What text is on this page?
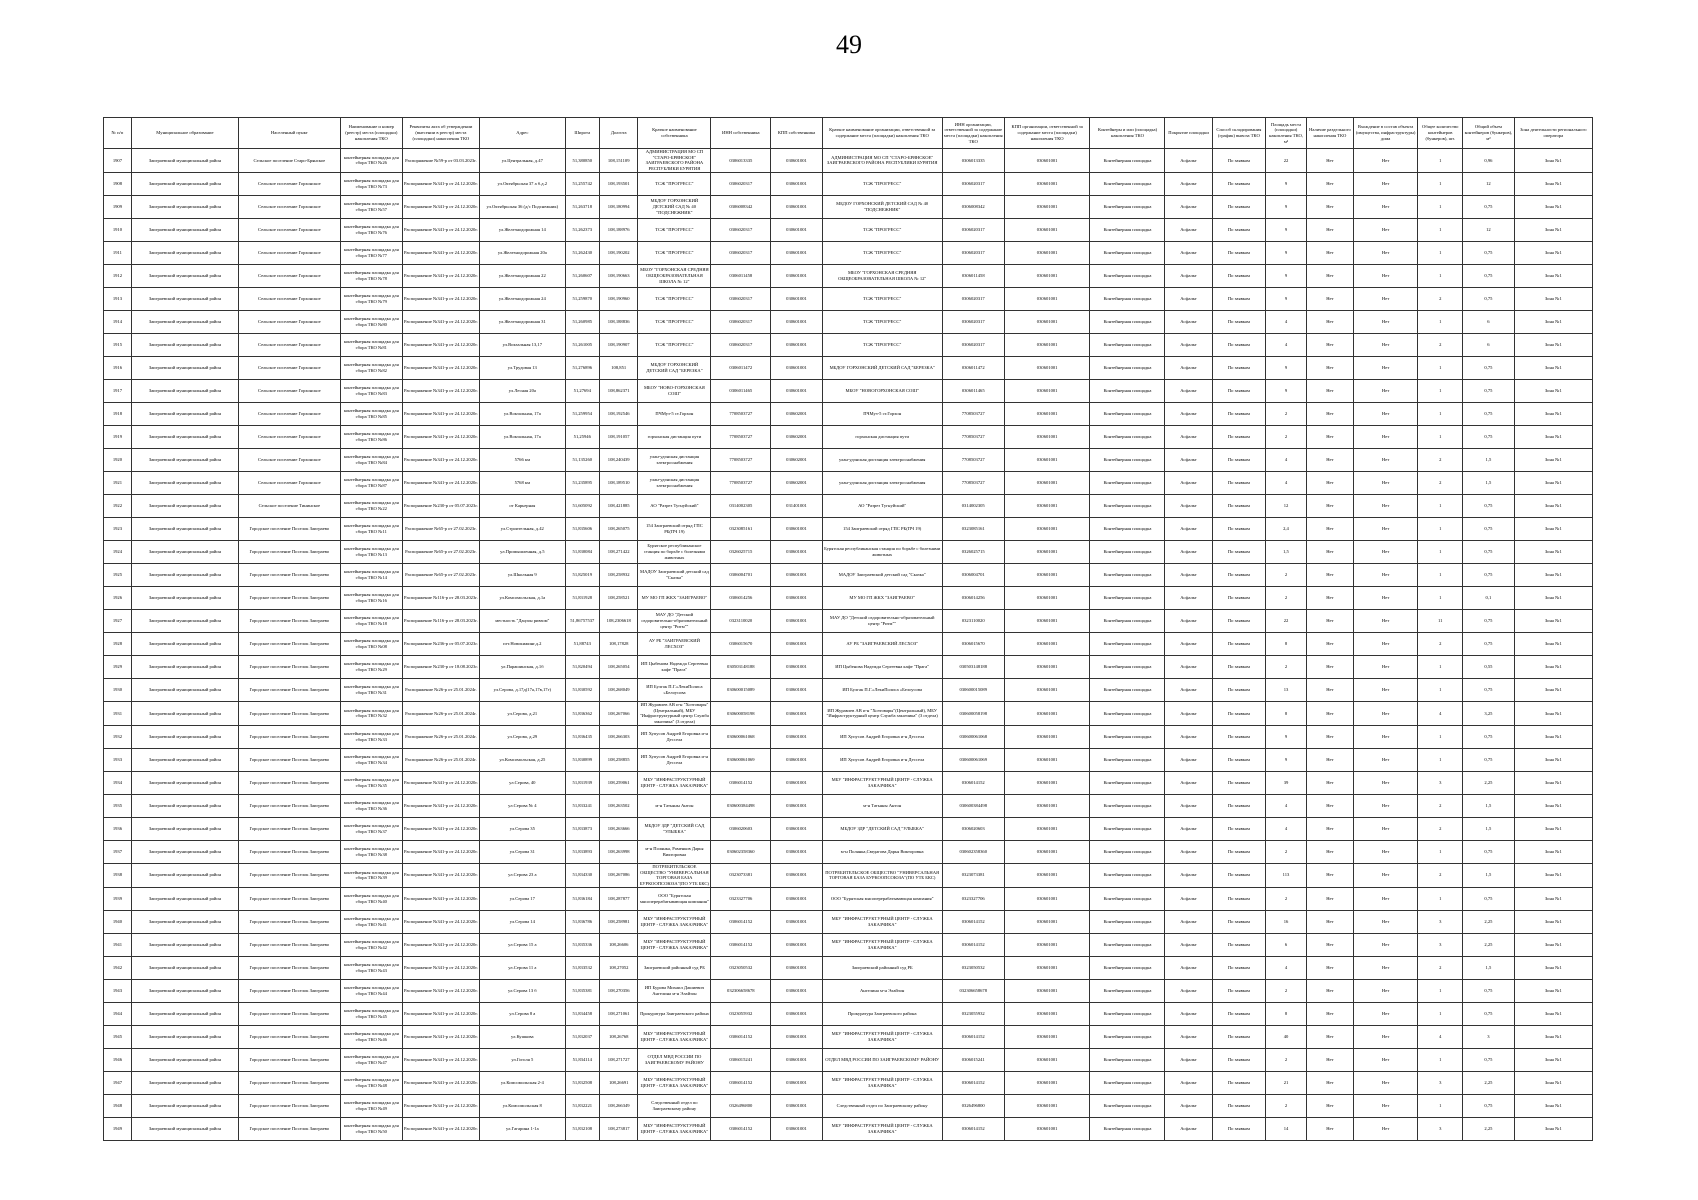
49
№ п/п	Муниципальное образование	Населенный пункт	Наименование и номер (реестр) места (площадки) накопления ТКО	Реквизиты акта об утверждении (внесении в реестр) места (площадки) накопления ТКО	Адрес	Широта	Долгота	Краткое наименование собственника	ИНН собственника	КПП собственника	Краткое наименование организации, ответственной за содержание места (площадки) накопления ТКО	ИНН организации, ответственной за содержание места (площадки) накопления ТКО	КПП организации, ответственной за содержание места (площадки) накопления ТКО	Контейнеры и или (площадка) накопления ТКО	Покрытие площадки	Способ складирования (график) вывоза ТКО	Площадь места (площадки) накопления ТКО, м²	Наличие раздельного накопления ТКО	Вхождение в состав объекта (имущества, инфраструктуры) дома	Общее количество контейнеров (бункеров), шт.	Общий объем контейнеров (бункеров), м³	Зона деятельности регионального оператора
1907	Заиграевский муниципальный район	Сельское поселение Старо-Брянское	контейнерная площадка для сбора ТКО №26	Распоряжение №59-р от 03.03.2023г.	ул.Центральная, д.47	51,380850	108,151109	АДМИНИСТРАЦИЯ МО СП "СТАРО-БРЯНСКОЕ" ЗАИГРАЕВСКОГО РАЙОНА РЕСПУБЛИКИ БУРЯТИЯ	0306013335	030601001	АДМИНИСТРАЦИЯ МО СП "СТАРО-БРЯНСКОЕ" ЗАИГРАЕВСКОГО РАЙОНА РЕСПУБЛИКИ БУРЯТИЯ	0306013335	030601001	Контейнерная площадка	Асфальт	По заявкам	22	Нет	Нет	1	0,96	Зона №1
1908	Заиграевский муниципальный район	Сельское поселение Горхонское	контейнерная площадка для сбора ТКО №73	Распоряжение №341-р от 24.12.2020г.	ул.Октябрьская 37 а б.д.2	51,255742	108,193501	ТСЖ "ПРОГРЕСС"	0306020317	030601001	ТСЖ "ПРОГРЕСС"	0306020317	030601001	Контейнерная площадка	Асфальт	По заявкам	9	Нет	Нет	1	12	Зона №1
1909	Заиграевский муниципальный район	Сельское поселение Горхонское	контейнерная площадка для сбора ТКО №57	Распоряжение №341-р от 24.12.2020г.	ул.Октябрьская 36 (д/с Подснежник)	51,263718	108,180994	МБДОУ ГОРХОНСКИЙ ДЕТСКИЙ САД № 40 "ПОДСНЕЖНИК"	0306008342	030601001	МБДОУ ГОРХОНСКИЙ ДЕТСКИЙ САД № 40 "ПОДСНЕЖНИК"	0306008342	030601001	Контейнерная площадка	Асфальт	По заявкам	9	Нет	Нет	1	0,75	Зона №1
1910	Заиграевский муниципальный район	Сельское поселение Горхонское	контейнерная площадка для сбора ТКО №76	Распоряжение №341-р от 24.12.2020г.	ул.Железнодорожная 14	51,262373	108,188976	ТСЖ "ПРОГРЕСС"	0306020317	030601001	ТСЖ "ПРОГРЕСС"	0306020317	030601001	Контейнерная площадка	Асфальт	По заявкам	9	Нет	Нет	1	12	Зона №1
1911	Заиграевский муниципальный район	Сельское поселение Горхонское	контейнерная площадка для сбора ТКО №77	Распоряжение №341-р от 24.12.2020г.	ул.Железнодорожная 20а	51,262430	108,190202	ТСЖ "ПРОГРЕСС"	0306020317	030601001	ТСЖ "ПРОГРЕСС"	0306020317	030601001	Контейнерная площадка	Асфальт	По заявкам	9	Нет	Нет	1	0,75	Зона №1
1912	Заиграевский муниципальный район	Сельское поселение Горхонское	контейнерная площадка для сбора ТКО №78	Распоряжение №341-р от 24.12.2020г.	ул.Железнодорожная 22	51,260607	108,190663	МБОУ "ГОРХОНСКАЯ СРЕДНЯЯ ОБЩЕОБРАЗОВАТЕЛЬНАЯ ШКОЛА № 12"	0306011458	030601001	МБОУ "ГОРХОНСКАЯ СРЕДНЯЯ ОБЩЕОБРАЗОВАТЕЛЬНАЯ ШКОЛА № 12"	0306011458	030601001	Контейнерная площадка	Асфальт	По заявкам	9	Нет	Нет	1	0,75	Зона №1
1913	Заиграевский муниципальный район	Сельское поселение Горхонское	контейнерная площадка для сбора ТКО №79	Распоряжение №341-р от 24.12.2020г.	ул.Железнодорожная 24	51,259870	108,190960	ТСЖ "ПРОГРЕСС"	0306020317	030601001	ТСЖ "ПРОГРЕСС"	0306020317	030601001	Контейнерная площадка	Асфальт	По заявкам	9	Нет	Нет	2	0,75	Зона №1
1914	Заиграевский муниципальный район	Сельское поселение Горхонское	контейнерная площадка для сбора ТКО №80	Распоряжение №341-р от 24.12.2020г.	ул.Железнодорожная 31	51,260985	108,188836	ТСЖ "ПРОГРЕСС"	0306020317	030601001	ТСЖ "ПРОГРЕСС"	0306020317	030601001	Контейнерная площадка	Асфальт	По заявкам	4	Нет	Нет	1	6	Зона №1
1915	Заиграевский муниципальный район	Сельское поселение Горхонское	контейнерная площадка для сбора ТКО №81	Распоряжение №341-р от 24.12.2020г.	ул.Вокзальная 13,17	51,261005	108,190907	ТСЖ "ПРОГРЕСС"	0306020317	030601001	ТСЖ "ПРОГРЕСС"	0306020317	030601001	Контейнерная площадка	Асфальт	По заявкам	4	Нет	Нет	2	6	Зона №1
1916	Заиграевский муниципальный район	Сельское поселение Горхонское	контейнерная площадка для сбора ТКО №82	Распоряжение №341-р от 24.12.2020г.	ул.Трудовая 13	51,276896	108,851	МБДОУ ГОРХОНСКИЙ ДЕТСКИЙ САД "БЕРЕЗКА"	0306011472	030601001	МБДОУ ГОРХОНСКИЙ ДЕТСКИЙ САД "БЕРЕЗКА"	0306011472	030601001	Контейнерная площадка	Асфальт	По заявкам	9	Нет	Нет	1	0,75	Зона №1
1917	Заиграевский муниципальный район	Сельское поселение Горхонское	контейнерная площадка для сбора ТКО №83	Распоряжение №341-р от 24.12.2020г.	ул.Лесная 20а	51,27694	108,862371	МБОУ "НОВО-ГОРХОНСКАЯ СОШ"	0306011465	030601001	МБОУ "НОВОГОРХОНСКАЯ СОШ"	0306011465	030601001	Контейнерная площадка	Асфальт	По заявкам	9	Нет	Нет	1	0,75	Зона №1
1918	Заиграевский муниципальный район	Сельское поселение Горхонское	контейнерная площадка для сбора ТКО №85	Распоряжение №341-р от 24.12.2020г.	ул.Вокзальная, 17а	51,259954	108,192546	ПЧМуз-5 ст.Горхон	7708503727	030602001	ПЧМуз-5 ст.Горхон	7708503727	030601001	Контейнерная площадка	Асфальт	По заявкам	2	Нет	Нет	1	0,75	Зона №1
1919	Заиграевский муниципальный район	Сельское поселение Горхонское	контейнерная площадка для сбора ТКО №86	Распоряжение №341-р от 24.12.2020г.	ул.Вокзальная, 17а	51,25946	108,191057	горхонская дистанция пути	7708503727	030602001	горхонская дистанция пути	7708503727	030601001	Контейнерная площадка	Асфальт	По заявкам	2	Нет	Нет	1	0,75	Зона №1
1920	Заиграевский муниципальный район	Сельское поселение Горхонское	контейнерная площадка для сбора ТКО №84	Распоряжение №341-р от 24.12.2020г.	5766 км	51,135260	108,240439	улан-удэнская дистанция электроснабжения	7708503727	030602001	улан-удэнская дистанция электроснабжения	7708503727	030601001	Контейнерная площадка	Асфальт	По заявкам	4	Нет	Нет	2	1,5	Зона №1
1921	Заиграевский муниципальный район	Сельское поселение Горхонское	контейнерная площадка для сбора ТКО №87	Распоряжение №341-р от 24.12.2020г.	5768 км	51,235895	108,189510	улан-удэнская дистанция электроснабжения	7708503727	030602001	улан-удэнская дистанция электроснабжения	7708503727	030601001	Контейнерная площадка	Асфальт	По заявкам	4	Нет	Нет	2	1,5	Зона №1
1922	Заиграевский муниципальный район	Сельское поселение Тининское	контейнерная площадка для сбора ТКО №22	Распоряжение №230-р от 05.07.2023г.	от Карьерная	51,605092	108,421885	АО "Разрез Тугнуйский"	0314002305	031401001	АО "Разрез Тугнуйский"	0314002305	030601001	Контейнерная площадка	Асфальт	По заявкам	12	Нет	Нет	1	0,75	Зона №1
1923	Заиграевский муниципальный район	Городское поселение Поселок Заиграево	контейнерная площадка для сбора ТКО №11	Распоряжение №65-р от 27.02.2023г.	ул.Строительная, д.42	51,835606	108,265075	154 Заиграевский отряд ГПС РБ(ПЧ 19)	0323085161	030601001	154 Заиграевский отряд ГПС РБ(ПЧ 19)	0323085161	030601001	Контейнерная площадка	Асфальт	По заявкам	2,4	Нет	Нет	1	0,75	Зона №1
1924	Заиграевский муниципальный район	Городское поселение Поселок Заиграево	контейнерная площадка для сбора ТКО №13	Распоряжение №65-р от 27.02.2023г.	ул.Промышленная, д.5	51,830084	108,271422	Бурятское республиканское станция по борьбе с болезнями животных	0326025715	030601001	Бурятская республиканская станция по борьбе с болезнями животных	0326025715	030601001	Контейнерная площадка	Асфальт	По заявкам	1,5	Нет	Нет	1	0,75	Зона №1
1925	Заиграевский муниципальный район	Городское поселение Поселок Заиграево	контейнерная площадка для сбора ТКО №14	Распоряжение №65-р от 27.02.2023г.	ул.Школьная 9	51,825019	108,258932	МАДОУ Заиграевский детский сад "Сказка"	0306004701	030601001	МАДОУ Заиграевский детский сад "Сказка"	0306004701	030601001	Контейнерная площадка	Асфальт	По заявкам	2	Нет	Нет	1	0,75	Зона №1
1926	Заиграевский муниципальный район	Городское поселение Поселок Заиграево	контейнерная площадка для сбора ТКО №16	Распоряжение №116-р от 28.03.2023г.	ул.Комсомольская, д.1а	51,831928	108,258521	МУ МО ГП ЖКХ "ЗАИГРАЕВО"	0306014256	030601001	МУ МО ГП ЖКХ "ЗАИГРАЕВО"	0306014256	030601001	Контейнерная площадка	Асфальт	По заявкам	2	Нет	Нет	1	0,1	Зона №1
1927	Заиграевский муниципальный район	Городское поселение Поселок Заиграево	контейнерная площадка для сбора ТКО №18	Распоряжение №116-р от 28.03.2023г.	местность "Дацзон ривзом"	51,86757537	108,2306618	МАУ ДО "Детский оздоровительно-образовательный центр "Ритм""	0323110020	030601001	МАУ ДО "Детский оздоровительно-образовательный центр "Ритм""	0323110020	030601001	Контейнерная площадка	Асфальт	По заявкам	22	Нет	Нет	11	0,75	Зона №1
1928	Заиграевский муниципальный район	Городское поселение Поселок Заиграево	контейнерная площадка для сбора ТКО №08	Распоряжение №236-р от 05.07.2023г.	пгт.Новокижинг.д.2	51,88743	108,17828	АУ РБ "ЗАИГРАЕВСКИЙ ЛЕСХОЗ"	0306015670	030601001	АУ РБ "ЗАИГРАЕВСКИЙ ЛЕСХОЗ"	0306015670	030601001	Контейнерная площадка	Асфальт	По заявкам	8	Нет	Нет	2	0,75	Зона №1
1929	Заиграевский муниципальный район	Городское поселение Поселок Заиграево	контейнерная площадка для сбора ТКО №29	Распоряжение №230-р от 18.08.2023г.	ул.Парашинская, д.1б	51,820494	108,265054	ИП Цыбенова Надежда Сергеевна кафе "Прага"	030503148188	030601001	ИП Цыбенова Надежда Сергеевна кафе "Прага"	030503148188	030601001	Контейнерная площадка	Асфальт	По заявкам	2	Нет	Нет	1	0,55	Зона №1
1930	Заиграевский муниципальный район	Городское поселение Поселок Заиграево	контейнерная площадка для сбора ТКО №31	Распоряжение №26-р от 25.01.2024г.	ул.Серова, д.17д(17а,17в,17г)	51,830592	108,268049	ИП Булгак П.Г.«ЛекиПолиса »Белоусова	030600015089	030601001	ИП Булгак П.Г.«ЛекиПолиса »Белоусова	030600015089	030601001	Контейнерная площадка	Асфальт	По заявкам	13	Нет	Нет	1	0,75	Зона №1
1931	Заиграевский муниципальный район	Городское поселение Поселок Заиграево	контейнерная площадка для сбора ТКО №32	Распоряжение №26-р от 25.01.2024г.	ул.Серова, д.21	51,836362	108,267066	ИП Журавлев АВ и-н "Хозтовары"(Центральный), МБУ "Инфраструктурный центр Служба заказчика" (3 отдела)	030600058198	030601001	ИП Журавлев АВ и-н "Хозтовары"(Центральный), МБУ "Инфраструктурный центр Служба заказчика" (3 отдела)	030600058198	030601001	Контейнерная площадка	Асфальт	По заявкам	8	Нет	Нет	4	3,25	Зона №1
1932	Заиграевский муниципальный район	Городское поселение Поселок Заиграево	контейнерная площадка для сбора ТКО №33	Распоряжение №26-р от 25.01.2024г.	ул.Серова, д.29	51,836435	108,266303	ИП Хупусов Андрей Егоровна и-н Дессела	030600061068	030601001	ИП Хупусов Андрей Егоровна и-н Дессела	030600061068	030601001	Контейнерная площадка	Асфальт	По заявкам	9	Нет	Нет	1	0,75	Зона №1
1933	Заиграевский муниципальный район	Городское поселение Поселок Заиграево	контейнерная площадка для сбора ТКО №34	Распоряжение №26-р от 25.01.2024г.	ул.Комсомольская, д.25	51,830899	108,258855	ИП Хупусов Андрей Егоровна и-н Дессела	030600061069	030601001	ИП Хупусов Андрей Егоровна и-н Дессела	030600061069	030601001	Контейнерная площадка	Асфальт	По заявкам	9	Нет	Нет	1	0,75	Зона №1
1934	Заиграевский муниципальный район	Городское поселение Поселок Заиграево	контейнерная площадка для сбора ТКО №35	Распоряжение №341-р от 24.12.2020г.	ул.Серова, 40	51,831939	108,259061	МБУ "ИНФРАСТРУКТУРНЫЙ ЦЕНТР - СЛУЖБА ЗАКАЗЧИКА"	0306014152	030601001	МБУ "ИНФРАСТРУКТУРНЫЙ ЦЕНТР - СЛУЖБА ЗАКАЗЧИКА"	0306014152	030601001	Контейнерная площадка	Асфальт	По заявкам	39	Нет	Нет	3	2,25	Зона №1
1935	Заиграевский муниципальный район	Городское поселение Поселок Заиграево	контейнерная площадка для сбора ТКО №36	Распоряжение №341-р от 24.12.2020г.	ул.Серова № 4	51,833241	108,263502	м-н Татьяны Антон	030600384498	030601001	м-н Татьяны Антон	030600384498	030601001	Контейнерная площадка	Асфальт	По заявкам	4	Нет	Нет	2	1,5	Зона №1
1936	Заиграевский муниципальный район	Городское поселение Поселок Заиграево	контейнерная площадка для сбора ТКО №37	Распоряжение №341-р от 24.12.2020г.	ул.Серова 35	51,833873	108,263666	МБДОУ ЗДР "ДЕТСКИЙ САД "УЛЫБКА"	0306020603	030601001	МБДОУ ЗДР "ДЕТСКИЙ САД "УЛЫБКА"	0306020603	030601001	Контейнерная площадка	Асфальт	По заявкам	4	Нет	Нет	2	1,5	Зона №1
1937	Заиграевский муниципальный район	Городское поселение Поселок Заиграево	контейнерная площадка для сбора ТКО №38	Распоряжение №341-р от 24.12.2020г.	ул.Серова 31	51,833893	108,263998	м-н Полянка, Раменков Дарья Викторовна	030602358360	030601001	м-н Полянка,Сведагова Дарья Викторовна	030602358360	030601001	Контейнерная площадка	Асфальт	По заявкам	2	Нет	Нет	1	0,75	Зона №1
1938	Заиграевский муниципальный район	Городское поселение Поселок Заиграево	контейнерная площадка для сбора ТКО №39	Распоряжение №341-р от 24.12.2020г.	ул.Серова 23 а	51,834330	108,267086	ПОТРЕБИТЕЛЬСКОЕ ОБЩЕСТВО "УНИВЕРСАЛЬНАЯ ТОРГОВАЯ БАЗА БУРКООПСОЮЗА"(ПО УТБ БКС)	0323073381	030601001	ПОТРЕБИТЕЛЬСКОЕ ОБЩЕСТВО "УНИВЕРСАЛЬНАЯ ТОРГОВАЯ БАЗА БУРКООПСОЮЗА"(ПО УТБ БКС)	0323073381	030601001	Контейнерная площадка	Асфальт	По заявкам	113	Нет	Нет	2	1,5	Зона №1
1939	Заиграевский муниципальный район	Городское поселение Поселок Заиграево	контейнерная площадка для сбора ТКО №40	Распоряжение №341-р от 24.12.2020г.	ул.Серова 17	51,836184	108,287877	ООО "Бурятская мясоперерабатывающая компания"	0323327706	030601001	ООО "Бурятская мясоперерабатывающая компания"	0323327706	030601001	Контейнерная площадка	Асфальт	По заявкам	2	Нет	Нет	1	0,75	Зона №1
1940	Заиграевский муниципальный район	Городское поселение Поселок Заиграево	контейнерная площадка для сбора ТКО №41	Распоряжение №341-р от 24.12.2020г.	ул.Серова 14	51,836786	108,258981	МБУ "ИНФРАСТРУКТУРНЫЙ ЦЕНТР - СЛУЖБА ЗАКАЗЧИКА"	0306014152	030601001	МБУ "ИНФРАСТРУКТУРНЫЙ ЦЕНТР - СЛУЖБА ЗАКАЗЧИКА"	0306014152	030601001	Контейнерная площадка	Асфальт	По заявкам	16	Нет	Нет	3	2,25	Зона №1
1941	Заиграевский муниципальный район	Городское поселение Поселок Заиграево	контейнерная площадка для сбора ТКО №42	Распоряжение №341-р от 24.12.2020г.	ул.Серова 15 а	51,835336	108,26606	МБУ "ИНФРАСТРУКТУРНЫЙ ЦЕНТР - СЛУЖБА ЗАКАЗЧИКА"	0306014152	030601001	МБУ "ИНФРАСТРУКТУРНЫЙ ЦЕНТР - СЛУЖБА ЗАКАЗЧИКА"	0306014152	030601001	Контейнерная площадка	Асфальт	По заявкам	6	Нет	Нет	3	2,25	Зона №1
1942	Заиграевский муниципальный район	Городское поселение Поселок Заиграево	контейнерная площадка для сбора ТКО №43	Распоряжение №341-р от 24.12.2020г.	ул.Серова 11 а	51,833532	108,27052	Заиграевский районный суд РБ	0323050532	030601001	Заиграевский районный суд РБ	0323050532	030601001	Контейнерная площадка	Асфальт	По заявкам	4	Нет	Нет	2	1,5	Зона №1
1943	Заиграевский муниципальный район	Городское поселение Поселок Заиграево	контейнерная площадка для сбора ТКО №44	Распоряжение №341-р от 24.12.2020г.	ул.Серова 13 б	51,835381	108,270356	ИП Бурова Михаил Дашиевич Ангелина м-н Элайзон	032306658678	030601001	Ангелина м-н Элайзон	032306658678	030601001	Контейнерная площадка	Асфальт	По заявкам	2	Нет	Нет	1	0,75	Зона №1
1944	Заиграевский муниципальный район	Городское поселение Поселок Заиграево	контейнерная площадка для сбора ТКО №45	Распоряжение №341-р от 24.12.2020г.	ул.Серова 8 а	51,834458	108,271061	Прокуратура Заиграевского района	0323055932	030601001	Прокуратура Заиграевского района	0323055932	030601001	Контейнерная площадка	Асфальт	По заявкам	8	Нет	Нет	1	0,75	Зона №1
1945	Заиграевский муниципальный район	Городское поселение Поселок Заиграево	контейнерная площадка для сбора ТКО №46	Распоряжение №341-р от 24.12.2020г.	ул.Кушкова	51,832037	108,26768	МБУ "ИНФРАСТРУКТУРНЫЙ ЦЕНТР - СЛУЖБА ЗАКАЗЧИКА"	0306014152	030601001	МБУ "ИНФРАСТРУКТУРНЫЙ ЦЕНТР - СЛУЖБА ЗАКАЗЧИКА"	0306014152	030601001	Контейнерная площадка	Асфальт	По заявкам	40	Нет	Нет	4	3	Зона №1
1946	Заиграевский муниципальный район	Городское поселение Поселок Заиграево	контейнерная площадка для сбора ТКО №47	Распоряжение №341-р от 24.12.2020г.	ул.Гоголя 5	51,834114	108,271727	ОТДЕЛ МВД РОССИИ ПО ЗАИГРАЕВСКОМУ РАЙОНУ	0306015241	030601001	ОТДЕЛ МВД РОССИИ ПО ЗАИГРАЕВСКОМУ РАЙОНУ	0306015241	030601001	Контейнерная площадка	Асфальт	По заявкам	2	Нет	Нет	1	0,75	Зона №1
1947	Заиграевский муниципальный район	Городское поселение Поселок Заиграево	контейнерная площадка для сбора ТКО №48	Распоряжение №341-р от 24.12.2020г.	ул.Комсомольская 2-4	51,832508	108,26691	МБУ "ИНФРАСТРУКТУРНЫЙ ЦЕНТР - СЛУЖБА ЗАКАЗЧИКА"	0306014152	030601001	МБУ "ИНФРАСТРУКТУРНЫЙ ЦЕНТР - СЛУЖБА ЗАКАЗЧИКА"	0306014152	030601001	Контейнерная площадка	Асфальт	По заявкам	21	Нет	Нет	3	2,25	Зона №1
1948	Заиграевский муниципальный район	Городское поселение Поселок Заиграево	контейнерная площадка для сбора ТКО №49	Распоряжение №341-р от 24.12.2020г.	ул.Комсомольская 8	51,832221	108,266349	Следственный отдел по Заиграевскому району	0326496800	030601001	Следственный отдел по Заиграевскому району	0326496800	030601001	Контейнерная площадка	Асфальт	По заявкам	2	Нет	Нет	1	0,75	Зона №1
1949	Заиграевский муниципальный район	Городское поселение Поселок Заиграево	контейнерная площадка для сбора ТКО №50	Распоряжение №341-р от 24.12.2020г.	ул.Гагарина 1-1а	51,832108	108,273817	МБУ "ИНФРАСТРУКТУРНЫЙ ЦЕНТР - СЛУЖБА ЗАКАЗЧИКА"	0306014152	030601001	МБУ "ИНФРАСТРУКТУРНЫЙ ЦЕНТР - СЛУЖБА ЗАКАЗЧИКА"	0306014152	030601001	Контейнерная площадка	Асфальт	По заявкам	14	Нет	Нет	3	2,25	Зона №1
